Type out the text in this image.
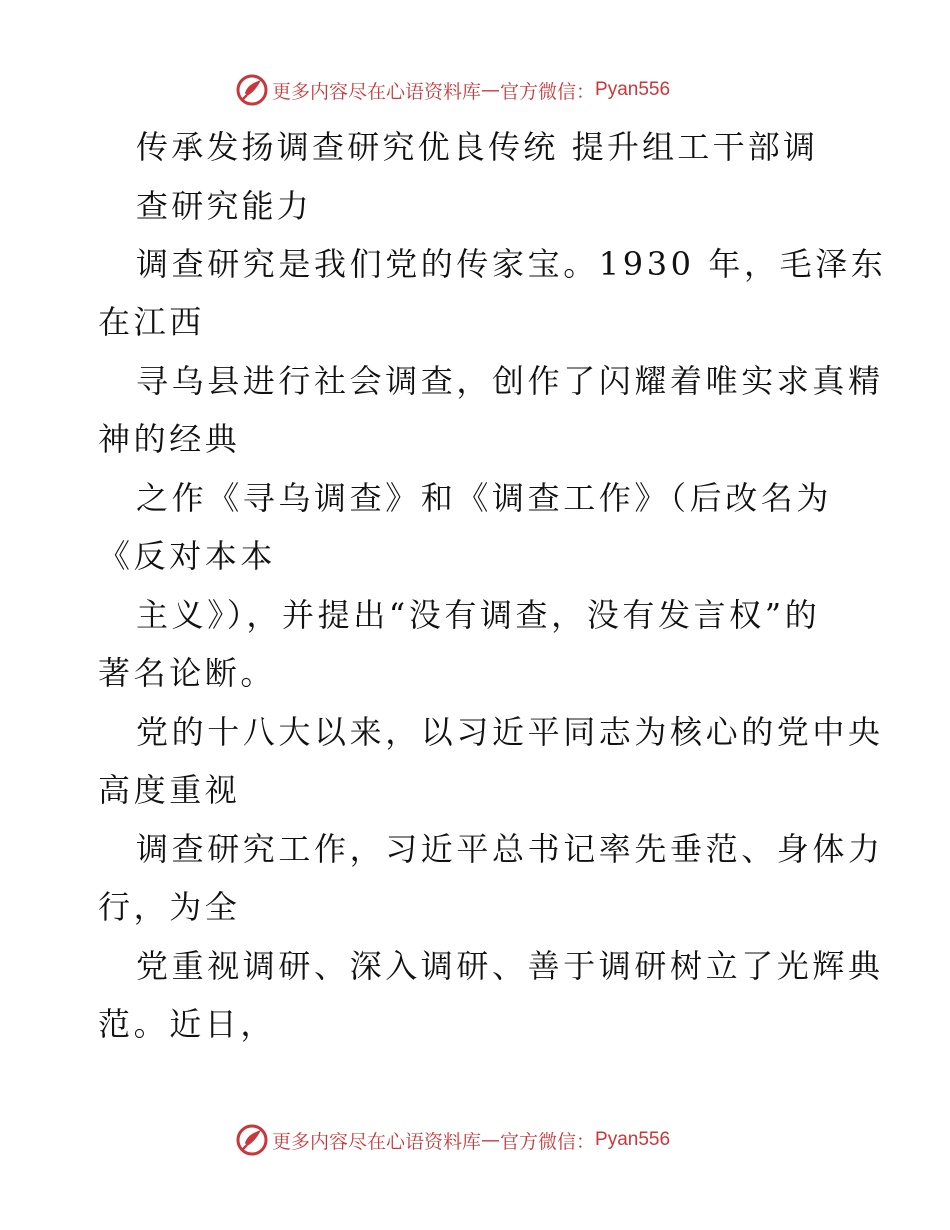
更多内容尽在心语资料库 — 官方微信： Pyan556
传承发扬调查研究优良传统 提升组工干部调
查研究能力
调查研究是我们党的传家宝。1930 年，毛泽东
在江西
寻乌县进行社会调查，创作了闪耀着唯实求真精
神的经典
之作《寻乌调查》和《调查工作》（后改名为
《反对本本
主义》），并提出“没有调查，没有发言权”的
著名论断。
党的十八大以来，以习近平同志为核心的党中央
高度重视
调查研究工作，习近平总书记率先垂范、身体力
行，为全
党重视调研、深入调研、善于调研树立了光辉典
范。近日，
更多内容尽在心语资料库 — 官方微信： Pyan556
